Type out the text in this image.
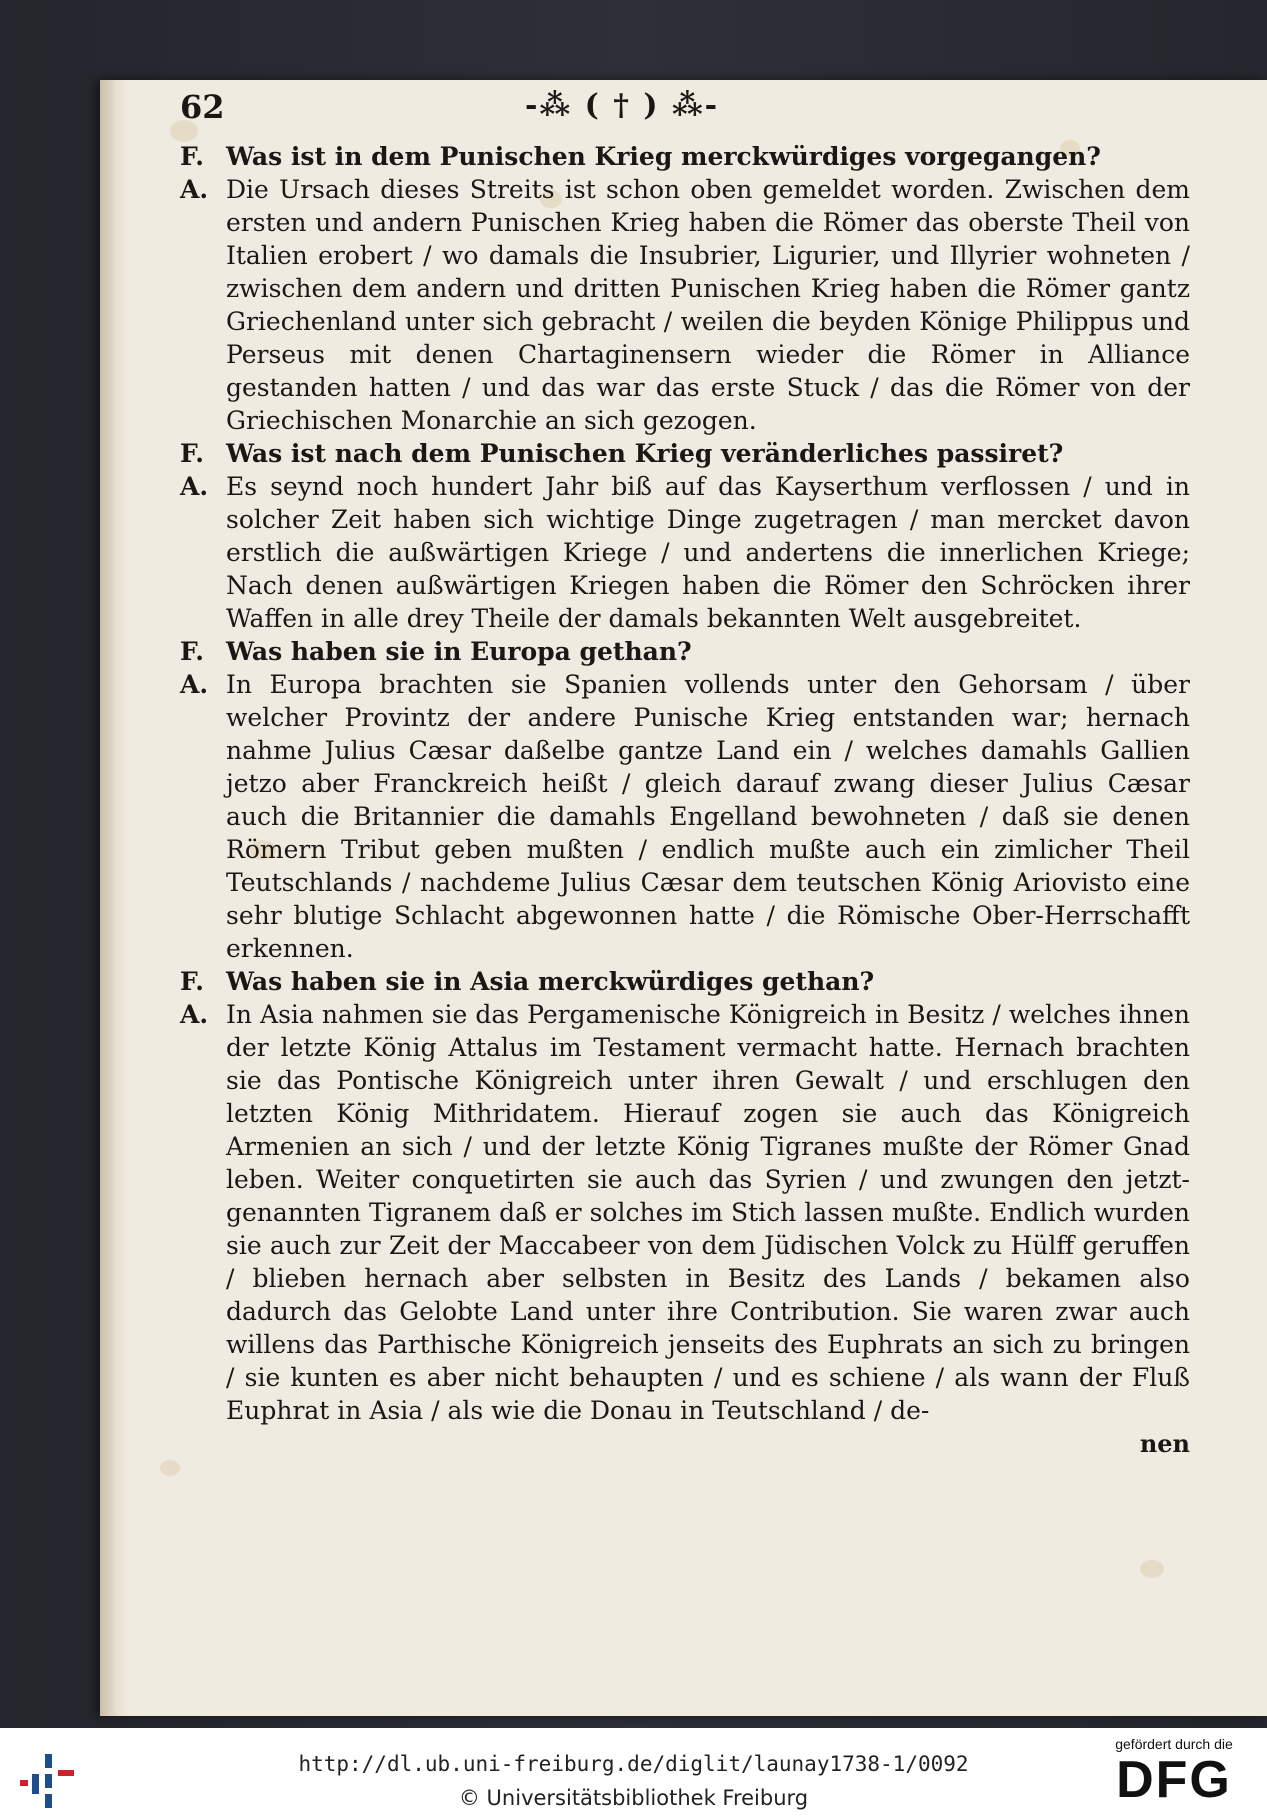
62	-⁂ ( † ) ⁂-
F. Was ist in dem Punischen Krieg merckwürdiges vorgegangen?
A. Die Ursach dieses Streits ist schon oben gemeldet worden. Zwischen dem ersten und andern Punischen Krieg haben die Römer das oberste Theil von Italien erobert / wo damals die Insubrier, Ligurier, und Illyrier wohneten / zwischen dem andern und dritten Punischen Krieg haben die Römer gantz Griechenland unter sich gebracht / weilen die beyden Könige Philippus und Perseus mit denen Chartaginensern wieder die Römer in Alliance gestanden hatten / und das war das erste Stuck / das die Römer von der Griechischen Monarchie an sich gezogen.
F. Was ist nach dem Punischen Krieg veränderliches passiret?
A. Es seynd noch hundert Jahr biß auf das Kayserthum verflossen / und in solcher Zeit haben sich wichtige Dinge zugetragen / man mercket davon erstlich die außwärtigen Kriege / und andertens die innerlichen Kriege; Nach denen außwärtigen Kriegen haben die Römer den Schröcken ihrer Waffen in alle drey Theile der damals bekannten Welt ausgebreitet.
F. Was haben sie in Europa gethan?
A. In Europa brachten sie Spanien vollends unter den Gehorsam / über welcher Provintz der andere Punische Krieg entstanden war; hernach nahme Julius Cæsar daßelbe gantze Land ein / welches damahls Gallien jetzo aber Franckreich heißt / gleich darauf zwang dieser Julius Cæsar auch die Britannier die damahls Engelland bewohneten / daß sie denen Römern Tribut geben mußten / endlich mußte auch ein zimlicher Theil Teutschlands / nachdeme Julius Cæsar dem teutschen König Ariovisto eine sehr blutige Schlacht abgewonnen hatte / die Römische Ober-Herrschafft erkennen.
F. Was haben sie in Asia merckwürdiges gethan?
A. In Asia nahmen sie das Pergamenische Königreich in Besitz / welches ihnen der letzte König Attalus im Testament vermacht hatte. Hernach brachten sie das Pontische Königreich unter ihren Gewalt / und erschlugen den letzten König Mithridatem. Hierauf zogen sie auch das Königreich Armenien an sich / und der letzte König Tigranes mußte der Römer Gnad leben. Weiter conquetirten sie auch das Syrien / und zwungen den jetzt-genannten Tigranem daß er solches im Stich lassen mußte. Endlich wurden sie auch zur Zeit der Maccabeer von dem Jüdischen Volck zu Hülff geruffen / blieben hernach aber selbsten in Besitz des Lands / bekamen also dadurch das Gelobte Land unter ihre Contribution. Sie waren zwar auch willens das Parthische Königreich jenseits des Euphrats an sich zu bringen / sie kunten es aber nicht behaupten / und es schiene / als wann der Fluß Euphrat in Asia / als wie die Donau in Teutschland / de-
nen
http://dl.ub.uni-freiburg.de/diglit/launay1738-1/0092
© Universitätsbibliothek Freiburg
gefördert durch die
DFG
